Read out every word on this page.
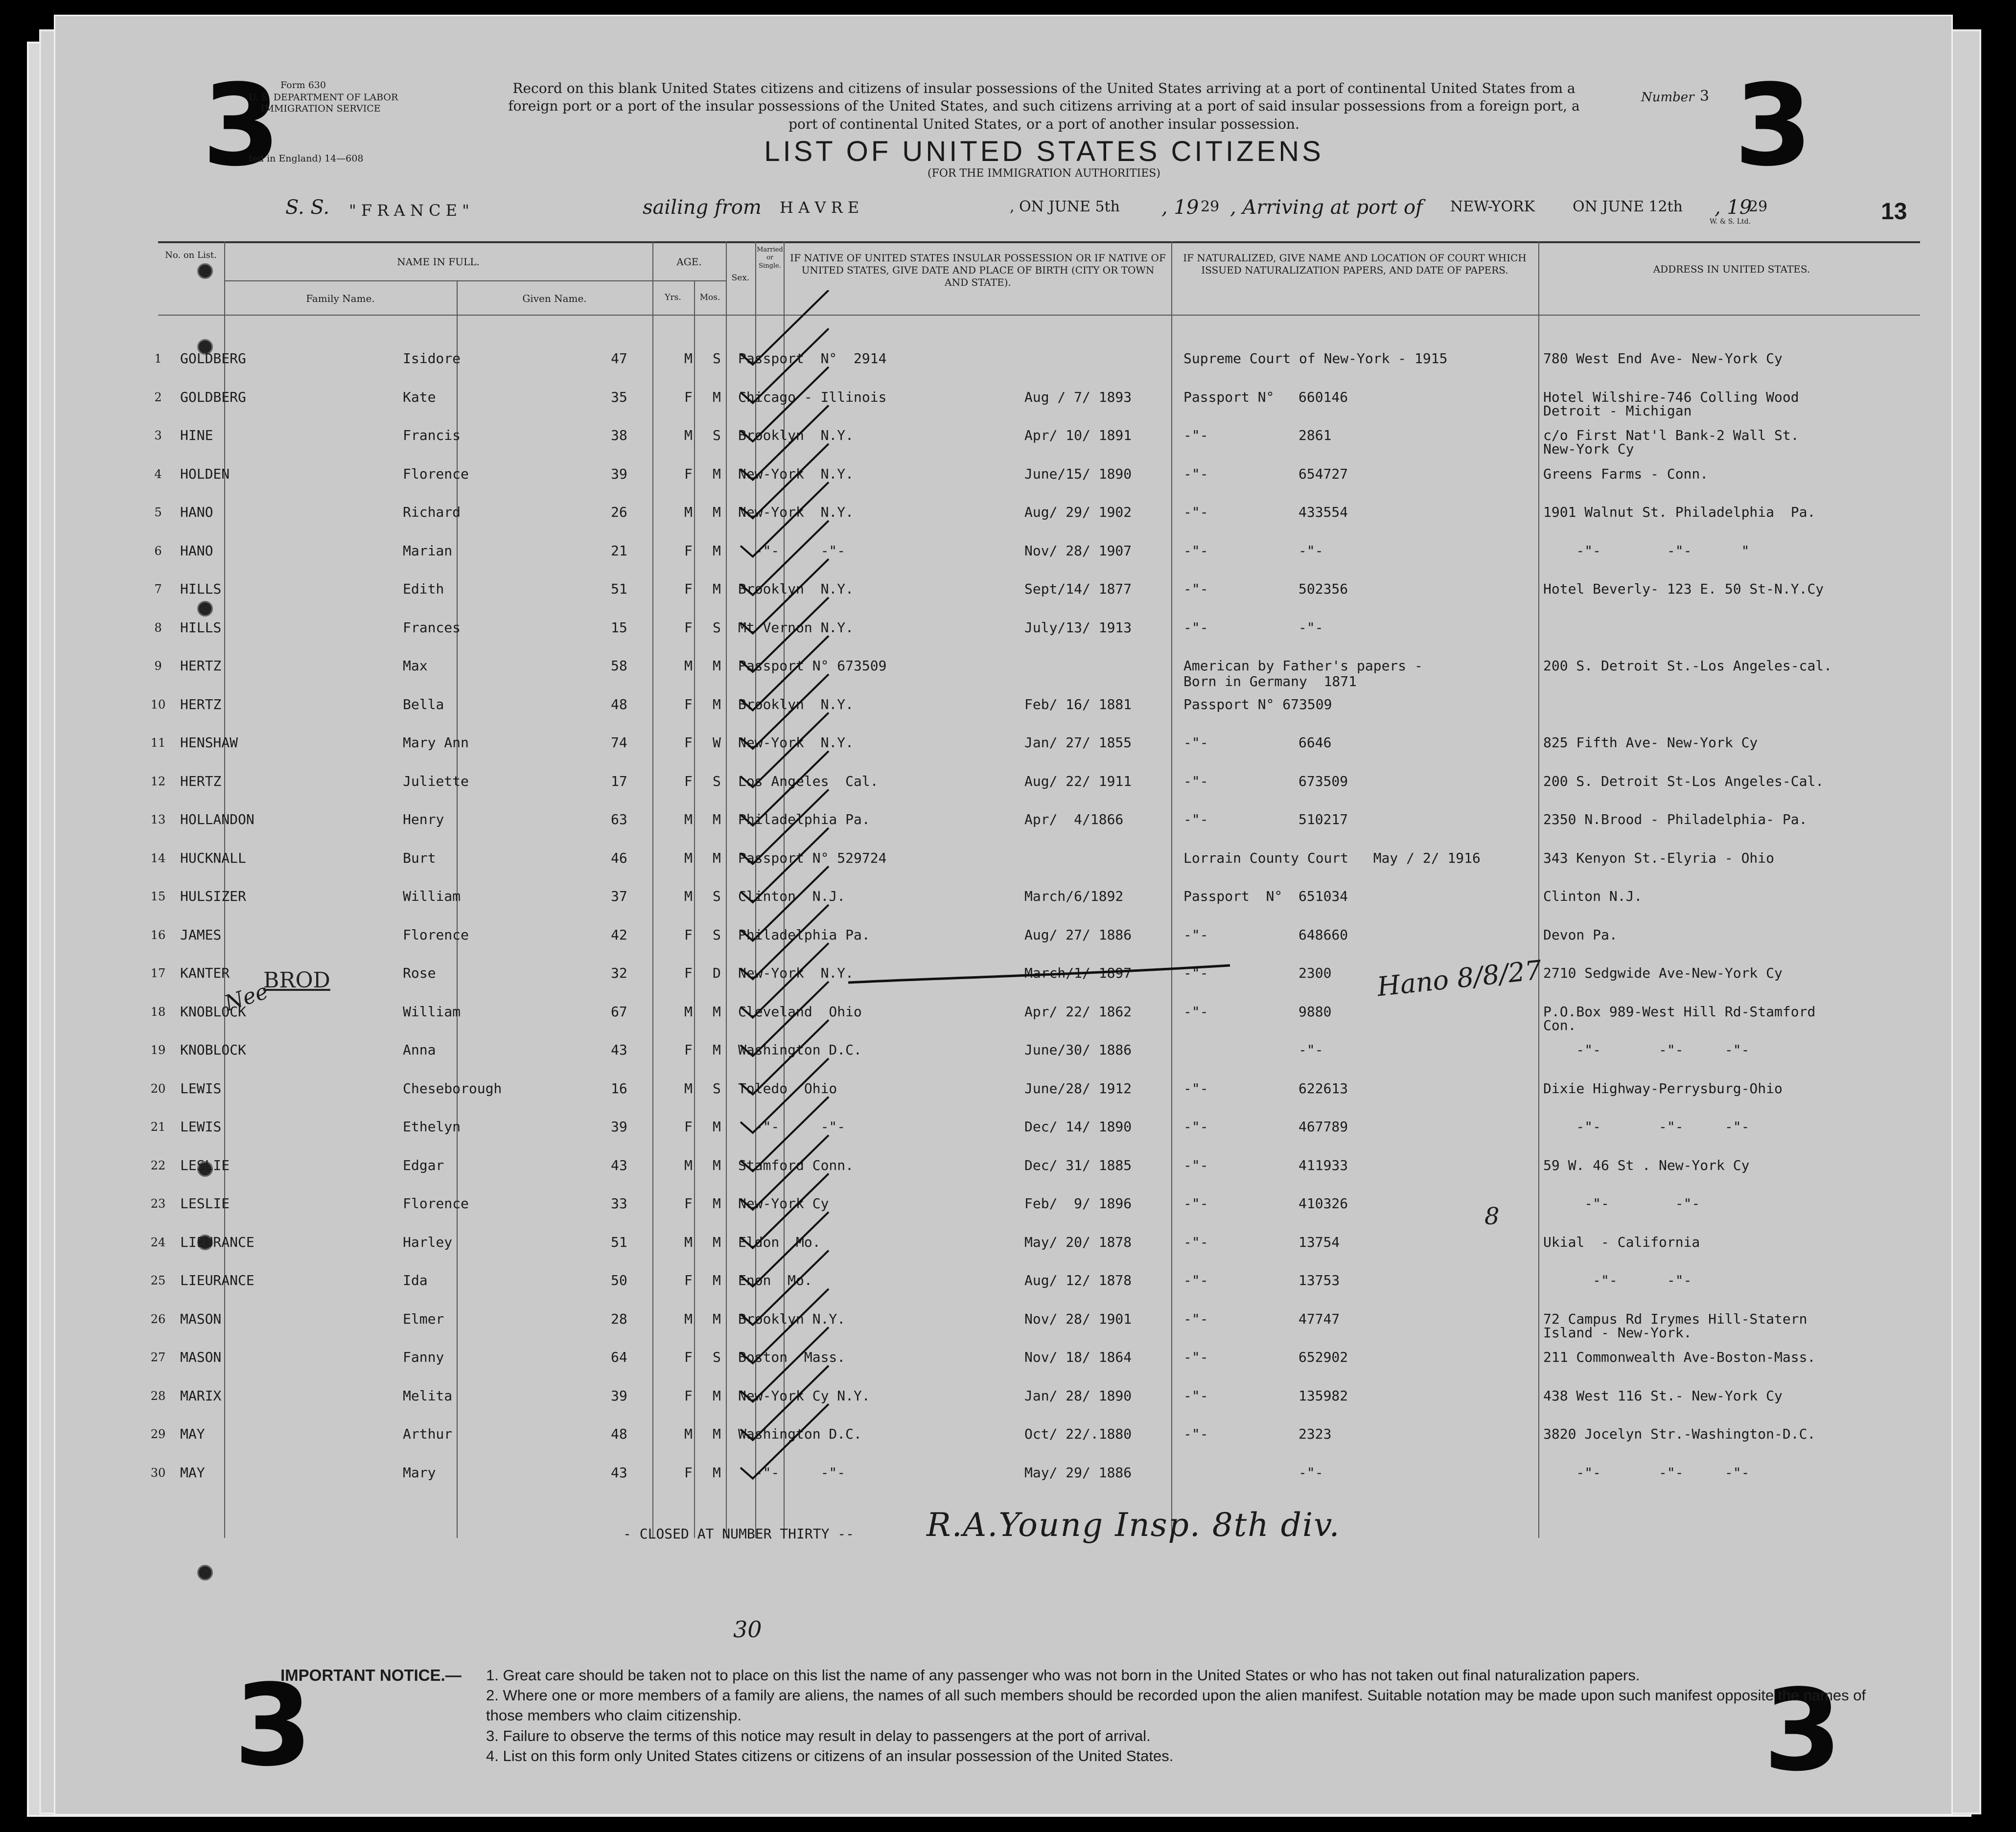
3	3
3	3
Form 630
U. S. DEPARTMENT OF LABOR
IMMIGRATION SERVICE
ted in England) 14—608
Record on this blank United States citizens and citizens of insular possessions of the United States arriving at a port of continental United States from a foreign port or a port of the insular possessions of the United States, and such citizens arriving at a port of said insular possessions from a foreign port, a port of continental United States, or a port of another insular possession.
LIST OF UNITED STATES CITIZENS
(FOR THE IMMIGRATION AUTHORITIES)
Number 3
S. S. " F R A N C E "	sailing from H A V R E	, ON JUNE 5th , 19 29 , Arriving at port of NEW-YORK	ON JUNE 12th , 19
29
W. & S. Ltd.	13
No. on List.
NAME IN FULL.
Family Name.	Given Name.
AGE.
Yrs.	Mos.
Sex.
Married or Single.
IF NATIVE OF UNITED STATES INSULAR POSSESSION OR IF NATIVE OF UNITED STATES, GIVE DATE AND PLACE OF BIRTH (CITY OR TOWN AND STATE).
IF NATURALIZED, GIVE NAME AND LOCATION OF COURT WHICH ISSUED NATURALIZATION PAPERS, AND DATE OF PAPERS.	ADDRESS IN UNITED STATES.
1	GOLDBERG	Isidore	47	M S Passport  N°  2914	Supreme Court of New-York - 1915	780 West End Ave- New-York Cy
2	GOLDBERG	Kate	35	F M Chicago - Illinois	Aug / 7/ 1893	Passport N° 660146	Hotel Wilshire-746 Colling Wood
Detroit - Michigan
3	HINE	Francis	38	M S Brooklyn  N.Y.	Apr/ 10/ 1891	-"-	2861	c/o First Nat'l Bank-2 Wall St.
New-York Cy
4	HOLDEN	Florence	39	F M New-York  N.Y.	June/15/ 1890	-"-	654727	Greens Farms - Conn.
5	HANO	Richard	26	M M New-York  N.Y.	Aug/ 29/ 1902	-"-	433554	1901 Walnut St. Philadelphia  Pa.
6	HANO	Marian	21	F M -"-     -"-	Nov/ 28/ 1907	-"-	-"-	-"-        -"-      "
7	HILLS	Edith	51	F M Brooklyn  N.Y.	Sept/14/ 1877	-"-	502356	Hotel Beverly- 123 E. 50 St-N.Y.Cy
8	HILLS	Frances	15	F S Mt Vernon N.Y.	July/13/ 1913	-"-	-"-
9	HERTZ	Max	58	M M Passport N° 673509	American by Father's papers -	200 S. Detroit St.-Los Angeles-cal.
Born in Germany  1871
10	HERTZ	Bella	48	F M Brooklyn  N.Y.	Feb/ 16/ 1881	Passport N° 673509
11	HENSHAW	Mary Ann	74	F W New-York  N.Y.	Jan/ 27/ 1855	-"-	6646	825 Fifth Ave- New-York Cy
12	HERTZ	Juliette	17	F S Los Angeles  Cal.	Aug/ 22/ 1911	-"-	673509	200 S. Detroit St-Los Angeles-Cal.
13	HOLLANDON	Henry	63	M M Philadelphia Pa.	Apr/  4/1866	-"-	510217	2350 N.Brood - Philadelphia- Pa.
14	HUCKNALL	Burt	46	M M Passport N° 529724	Lorrain County Court   May / 2/ 1916	343 Kenyon St.-Elyria - Ohio
15	HULSIZER	William	37	M S Clinton  N.J.	March/6/1892	Passport  N° 651034	Clinton N.J.
16	JAMES	Florence	42	F S Philadelphia Pa.	Aug/ 27/ 1886	-"-	648660	Devon Pa.
17	KANTER	Rose	32	F D New-York  N.Y.	March/1/ 1897	-"-	2300	2710 Sedgwide Ave-New-York Cy
18	KNOBLOCK	William	67	M M Cleveland  Ohio	Apr/ 22/ 1862	-"-	9880	P.O.Box 989-West Hill Rd-Stamford
Con.
19	KNOBLOCK	Anna	43	F M Washington D.C.	June/30/ 1886	-"-	-"-       -"-     -"-
20	LEWIS	Cheseborough	16	M S Toledo  Ohio	June/28/ 1912	-"-	622613	Dixie Highway-Perrysburg-Ohio
21	LEWIS	Ethelyn	39	F M -"-     -"-	Dec/ 14/ 1890	-"-	467789	-"-       -"-     -"-
22	LESLIE	Edgar	43	M M Stamford Conn.	Dec/ 31/ 1885	-"-	411933	59 W. 46 St . New-York Cy
23	LESLIE	Florence	33	F M New-York Cy	Feb/  9/ 1896	-"-	410326	-"-        -"-
24	LIEURANCE	Harley	51	M M Eldon  Mo.	May/ 20/ 1878	-"-	13754	Ukial  - California
25	LIEURANCE	Ida	50	F M Enon  Mo.	Aug/ 12/ 1878	-"-	13753	-"-      -"-
26	MASON	Elmer	28	M M Brooklyn N.Y.	Nov/ 28/ 1901	-"-	47747	72 Campus Rd Irymes Hill-Statern
Island - New-York.
27	MASON	Fanny	64	F S Boston  Mass.	Nov/ 18/ 1864	-"-	652902	211 Commonwealth Ave-Boston-Mass.
28	MARIX	Melita	39	F M New-York Cy N.Y.	Jan/ 28/ 1890	-"-	135982	438 West 116 St.- New-York Cy
29	MAY	Arthur	48	M M Washington D.C.	Oct/ 22/.1880	-"-	2323	3820 Jocelyn Str.-Washington-D.C.
30	MAY	Mary	43	F M -"-     -"-	May/ 29/ 1886	-"-	-"-       -"-     -"-
Nee
BROD	Hano 8/8/27
8
- CLOSED AT NUMBER THIRTY -- R.A.Young Insp. 8th div.
30
IMPORTANT NOTICE.— 1. Great care should be taken not to place on this list the name of any passenger who was not born in the United States or who has not taken out final naturalization papers.
2. Where one or more members of a family are aliens, the names of all such members should be recorded upon the alien manifest. Suitable notation may be made upon such manifest opposite the names of those members who claim citizenship.
3. Failure to observe the terms of this notice may result in delay to passengers at the port of arrival.
4. List on this form only United States citizens or citizens of an insular possession of the United States.
